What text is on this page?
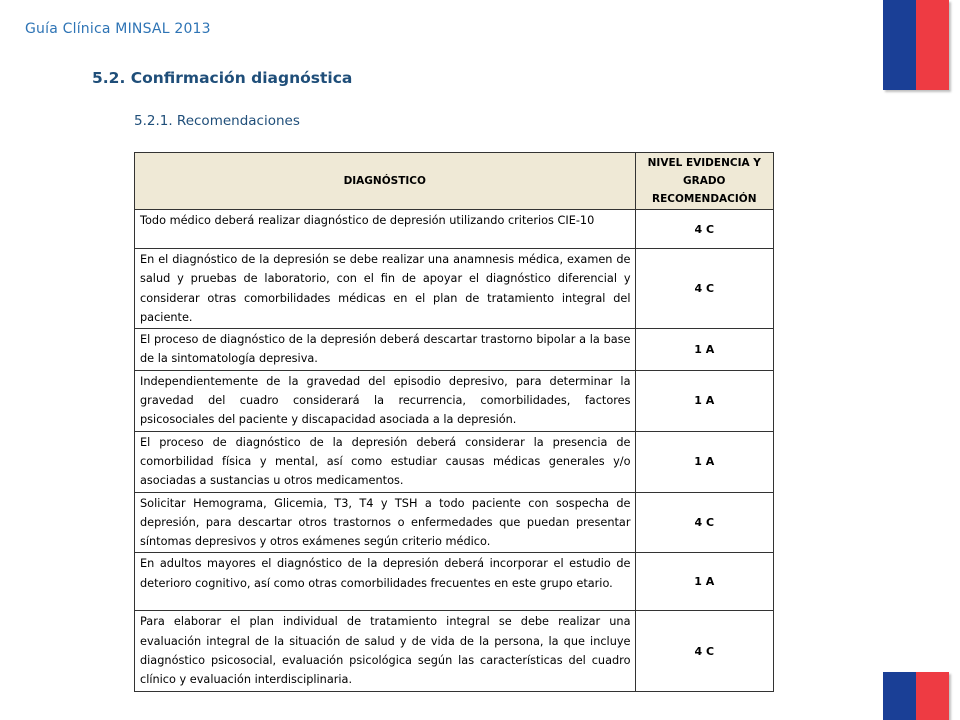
Guía Clínica MINSAL 2013
5.2. Confirmación diagnóstica
5.2.1. Recomendaciones
DIAGNÓSTICO	NIVEL EVIDENCIA Y GRADO RECOMENDACIÓN
Todo médico deberá realizar diagnóstico de depresión utilizando criterios CIE-10	4 C
En el diagnóstico de la depresión se debe realizar una anamnesis médica, examen de salud y pruebas de laboratorio, con el fin de apoyar el diagnóstico diferencial y considerar otras comorbilidades médicas en el plan de tratamiento integral del paciente.	4 C
El proceso de diagnóstico de la depresión deberá descartar trastorno bipolar a la base de la sintomatología depresiva.	1 A
Independientemente de la gravedad del episodio depresivo, para determinar la gravedad del cuadro considerará la recurrencia, comorbilidades, factores psicosociales del paciente y discapacidad asociada a la depresión.	1 A
El proceso de diagnóstico de la depresión deberá considerar la presencia de comorbilidad física y mental, así como estudiar causas médicas generales y/o asociadas a sustancias u otros medicamentos.	1 A
Solicitar Hemograma, Glicemia, T3, T4 y TSH a todo paciente con sospecha de depresión, para descartar otros trastornos o enfermedades que puedan presentar síntomas depresivos y otros exámenes según criterio médico.	4 C
En adultos mayores el diagnóstico de la depresión deberá incorporar el estudio de deterioro cognitivo, así como otras comorbilidades frecuentes en este grupo etario.	1 A
Para elaborar el plan individual de tratamiento integral se debe realizar una evaluación integral de la situación de salud y de vida de la persona, la que incluye diagnóstico psicosocial, evaluación psicológica según las características del cuadro clínico y evaluación interdisciplinaria.	4 C
